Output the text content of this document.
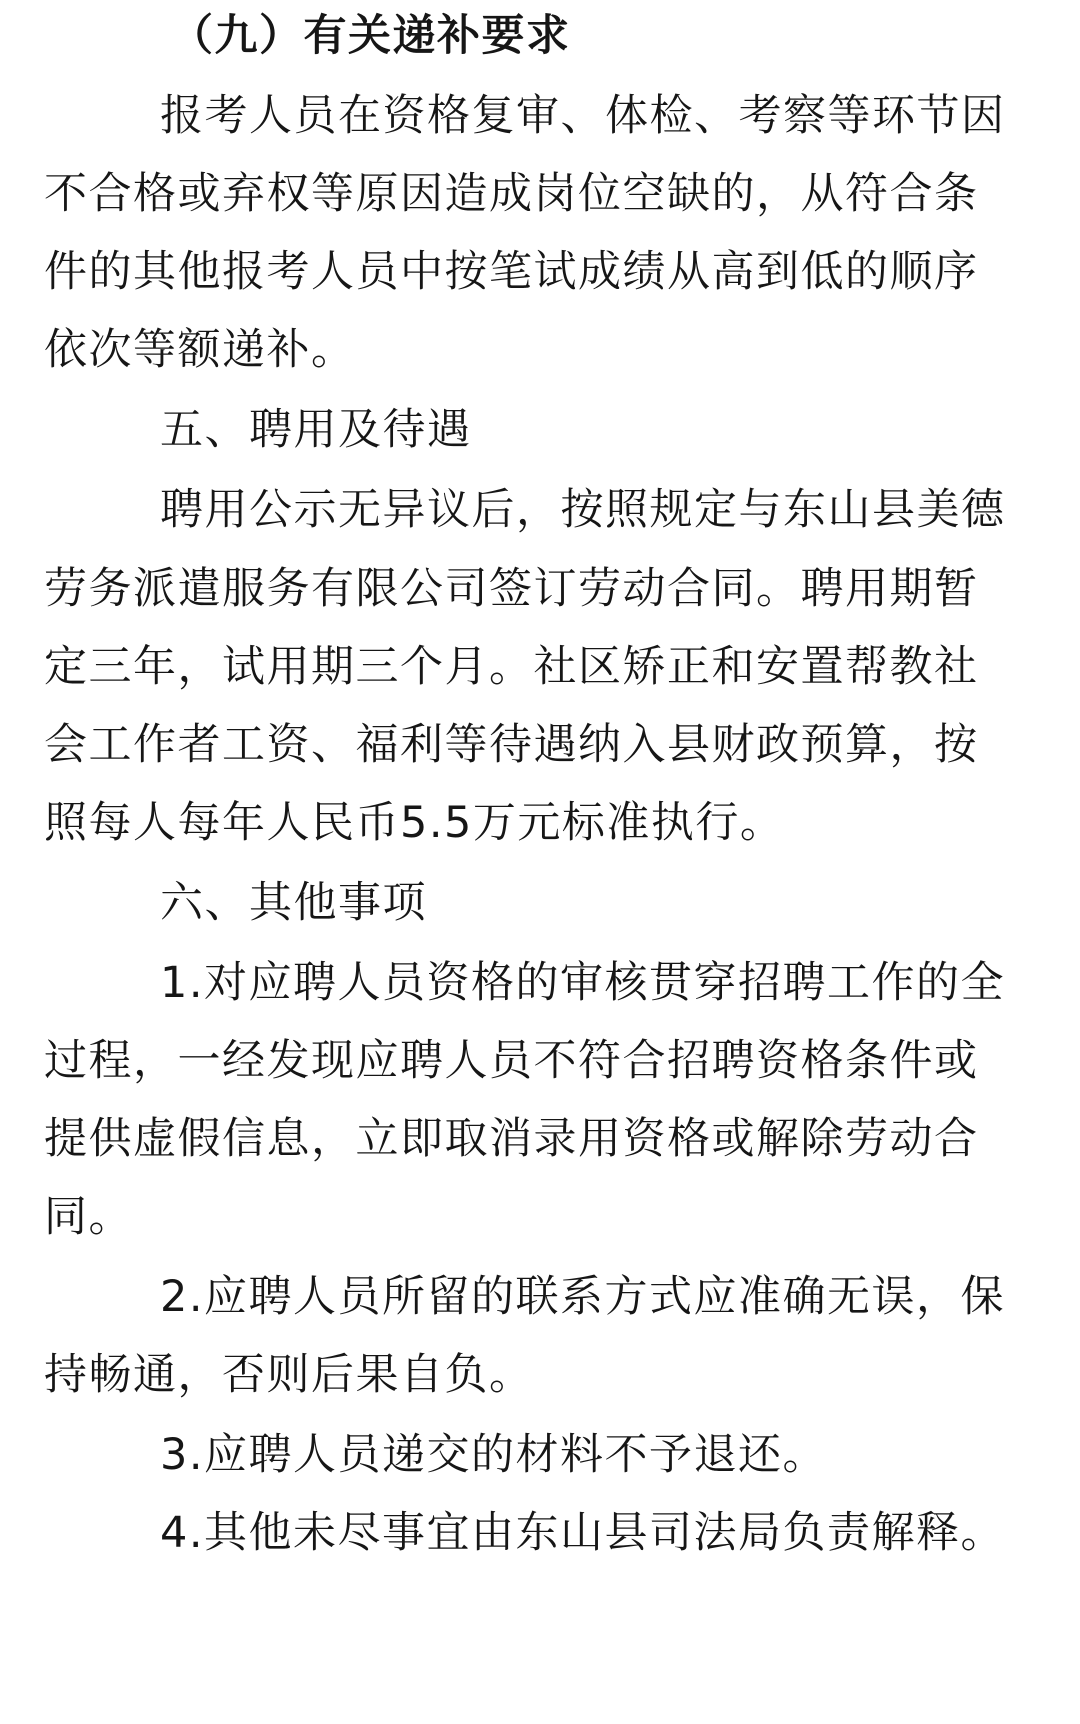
（九）有关递补要求
报考人员在资格复审、体检、考察等环节因
不合格或弃权等原因造成岗位空缺的，从符合条
件的其他报考人员中按笔试成绩从高到低的顺序
依次等额递补。
五、聘用及待遇
聘用公示无异议后，按照规定与东山县美德
劳务派遣服务有限公司签订劳动合同。聘用期暂
定三年，试用期三个月。社区矫正和安置帮教社
会工作者工资、福利等待遇纳入县财政预算，按
照每人每年人民币5.5万元标准执行。
六、其他事项
1.对应聘人员资格的审核贯穿招聘工作的全
过程，一经发现应聘人员不符合招聘资格条件或
提供虚假信息，立即取消录用资格或解除劳动合
同。
2.应聘人员所留的联系方式应准确无误，保
持畅通，否则后果自负。
3.应聘人员递交的材料不予退还。
4.其他未尽事宜由东山县司法局负责解释。
